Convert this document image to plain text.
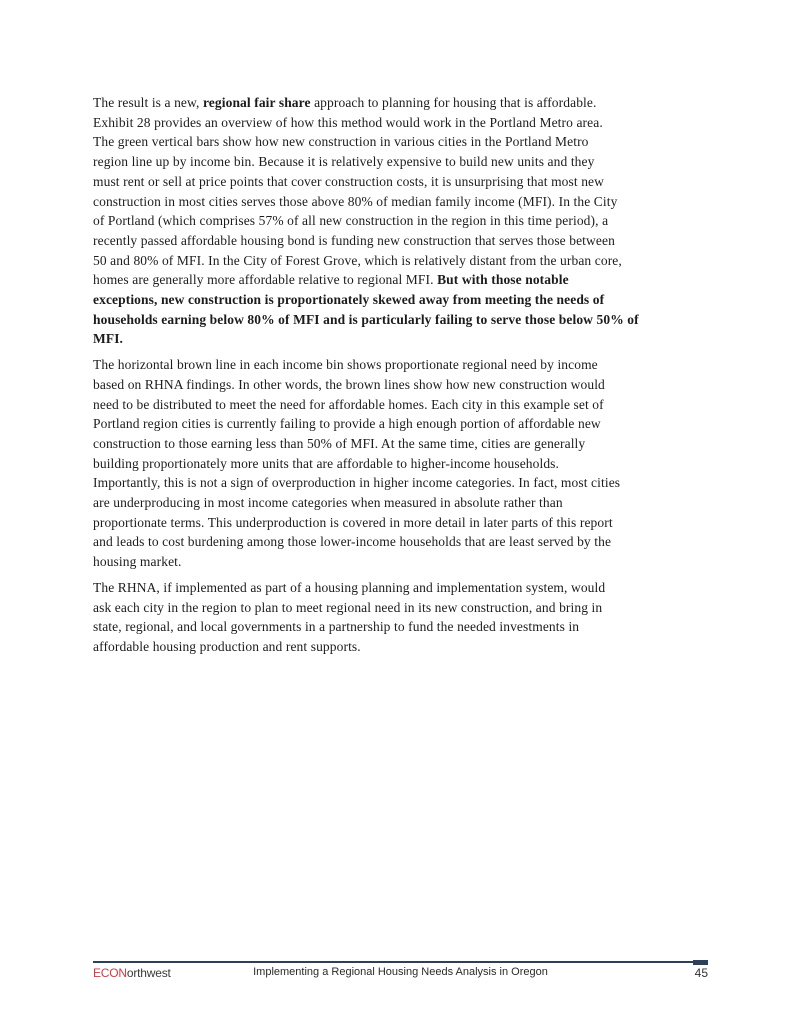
The result is a new, regional fair share approach to planning for housing that is affordable.
Exhibit 28 provides an overview of how this method would work in the Portland Metro area.
The green vertical bars show how new construction in various cities in the Portland Metro
region line up by income bin. Because it is relatively expensive to build new units and they
must rent or sell at price points that cover construction costs, it is unsurprising that most new
construction in most cities serves those above 80% of median family income (MFI). In the City
of Portland (which comprises 57% of all new construction in the region in this time period), a
recently passed affordable housing bond is funding new construction that serves those between
50 and 80% of MFI. In the City of Forest Grove, which is relatively distant from the urban core,
homes are generally more affordable relative to regional MFI. But with those notable
exceptions, new construction is proportionately skewed away from meeting the needs of
households earning below 80% of MFI and is particularly failing to serve those below 50% of
MFI.
The horizontal brown line in each income bin shows proportionate regional need by income
based on RHNA findings. In other words, the brown lines show how new construction would
need to be distributed to meet the need for affordable homes. Each city in this example set of
Portland region cities is currently failing to provide a high enough portion of affordable new
construction to those earning less than 50% of MFI. At the same time, cities are generally
building proportionately more units that are affordable to higher-income households.
Importantly, this is not a sign of overproduction in higher income categories. In fact, most cities
are underproducing in most income categories when measured in absolute rather than
proportionate terms. This underproduction is covered in more detail in later parts of this report
and leads to cost burdening among those lower-income households that are least served by the
housing market.
The RHNA, if implemented as part of a housing planning and implementation system, would
ask each city in the region to plan to meet regional need in its new construction, and bring in
state, regional, and local governments in a partnership to fund the needed investments in
affordable housing production and rent supports.
ECONorthwest	Implementing a Regional Housing Needs Analysis in Oregon	45
